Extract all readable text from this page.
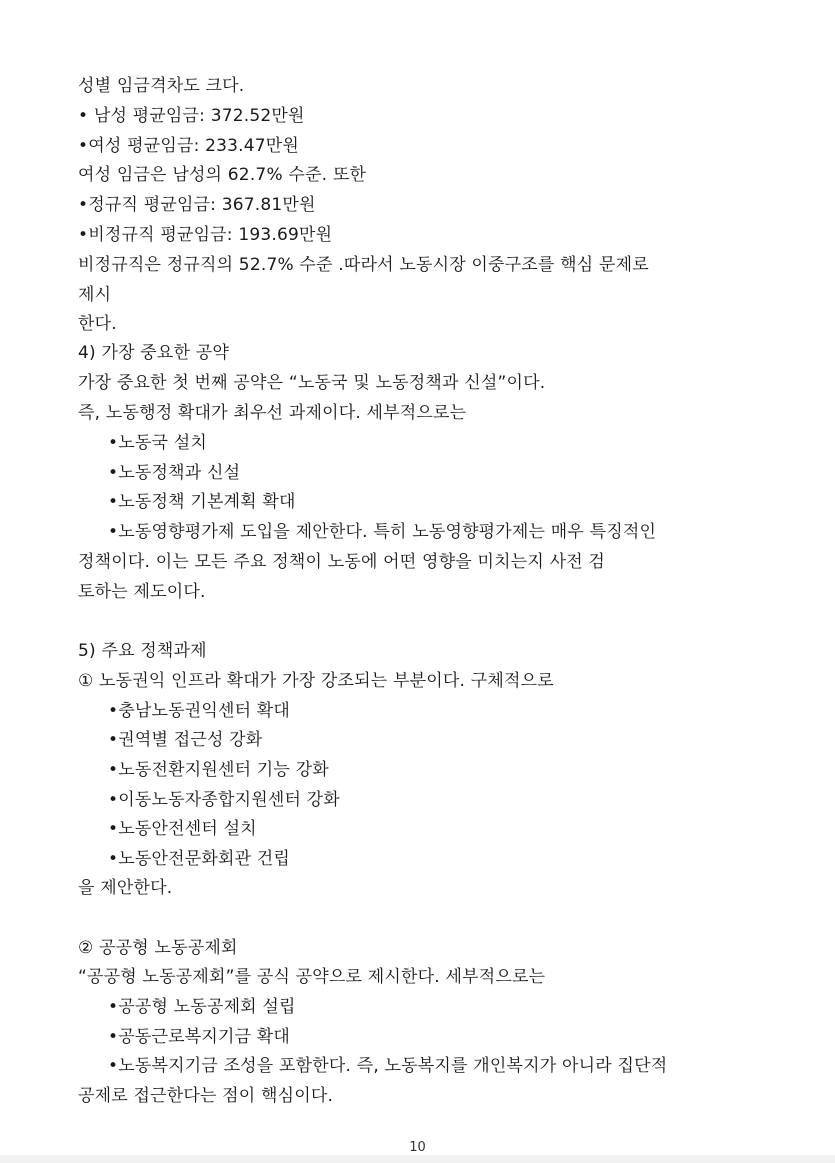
성별 임금격차도 크다.
• 남성 평균임금: 372.52만원
•여성 평균임금: 233.47만원
여성 임금은 남성의 62.7% 수준. 또한
•정규직 평균임금: 367.81만원
•비정규직 평균임금: 193.69만원
비정규직은 정규직의 52.7% 수준 .따라서 노동시장 이중구조를 핵심 문제로
제시
한다.
4) 가장 중요한 공약
가장 중요한 첫 번째 공약은 “노동국 및 노동정책과 신설”이다.
즉, 노동행정 확대가 최우선 과제이다. 세부적으로는
•노동국 설치
•노동정책과 신설
•노동정책 기본계획 확대
•노동영향평가제 도입을 제안한다. 특히 노동영향평가제는 매우 특징적인
정책이다. 이는 모든 주요 정책이 노동에 어떤 영향을 미치는지 사전 검
토하는 제도이다.
5) 주요 정책과제
① 노동권익 인프라 확대가 가장 강조되는 부분이다. 구체적으로
•충남노동권익센터 확대
•권역별 접근성 강화
•노동전환지원센터 기능 강화
•이동노동자종합지원센터 강화
•노동안전센터 설치
•노동안전문화회관 건립
을 제안한다.
② 공공형 노동공제회
“공공형 노동공제회”를 공식 공약으로 제시한다. 세부적으로는
•공공형 노동공제회 설립
•공동근로복지기금 확대
•노동복지기금 조성을 포함한다. 즉, 노동복지를 개인복지가 아니라 집단적
공제로 접근한다는 점이 핵심이다.
10
